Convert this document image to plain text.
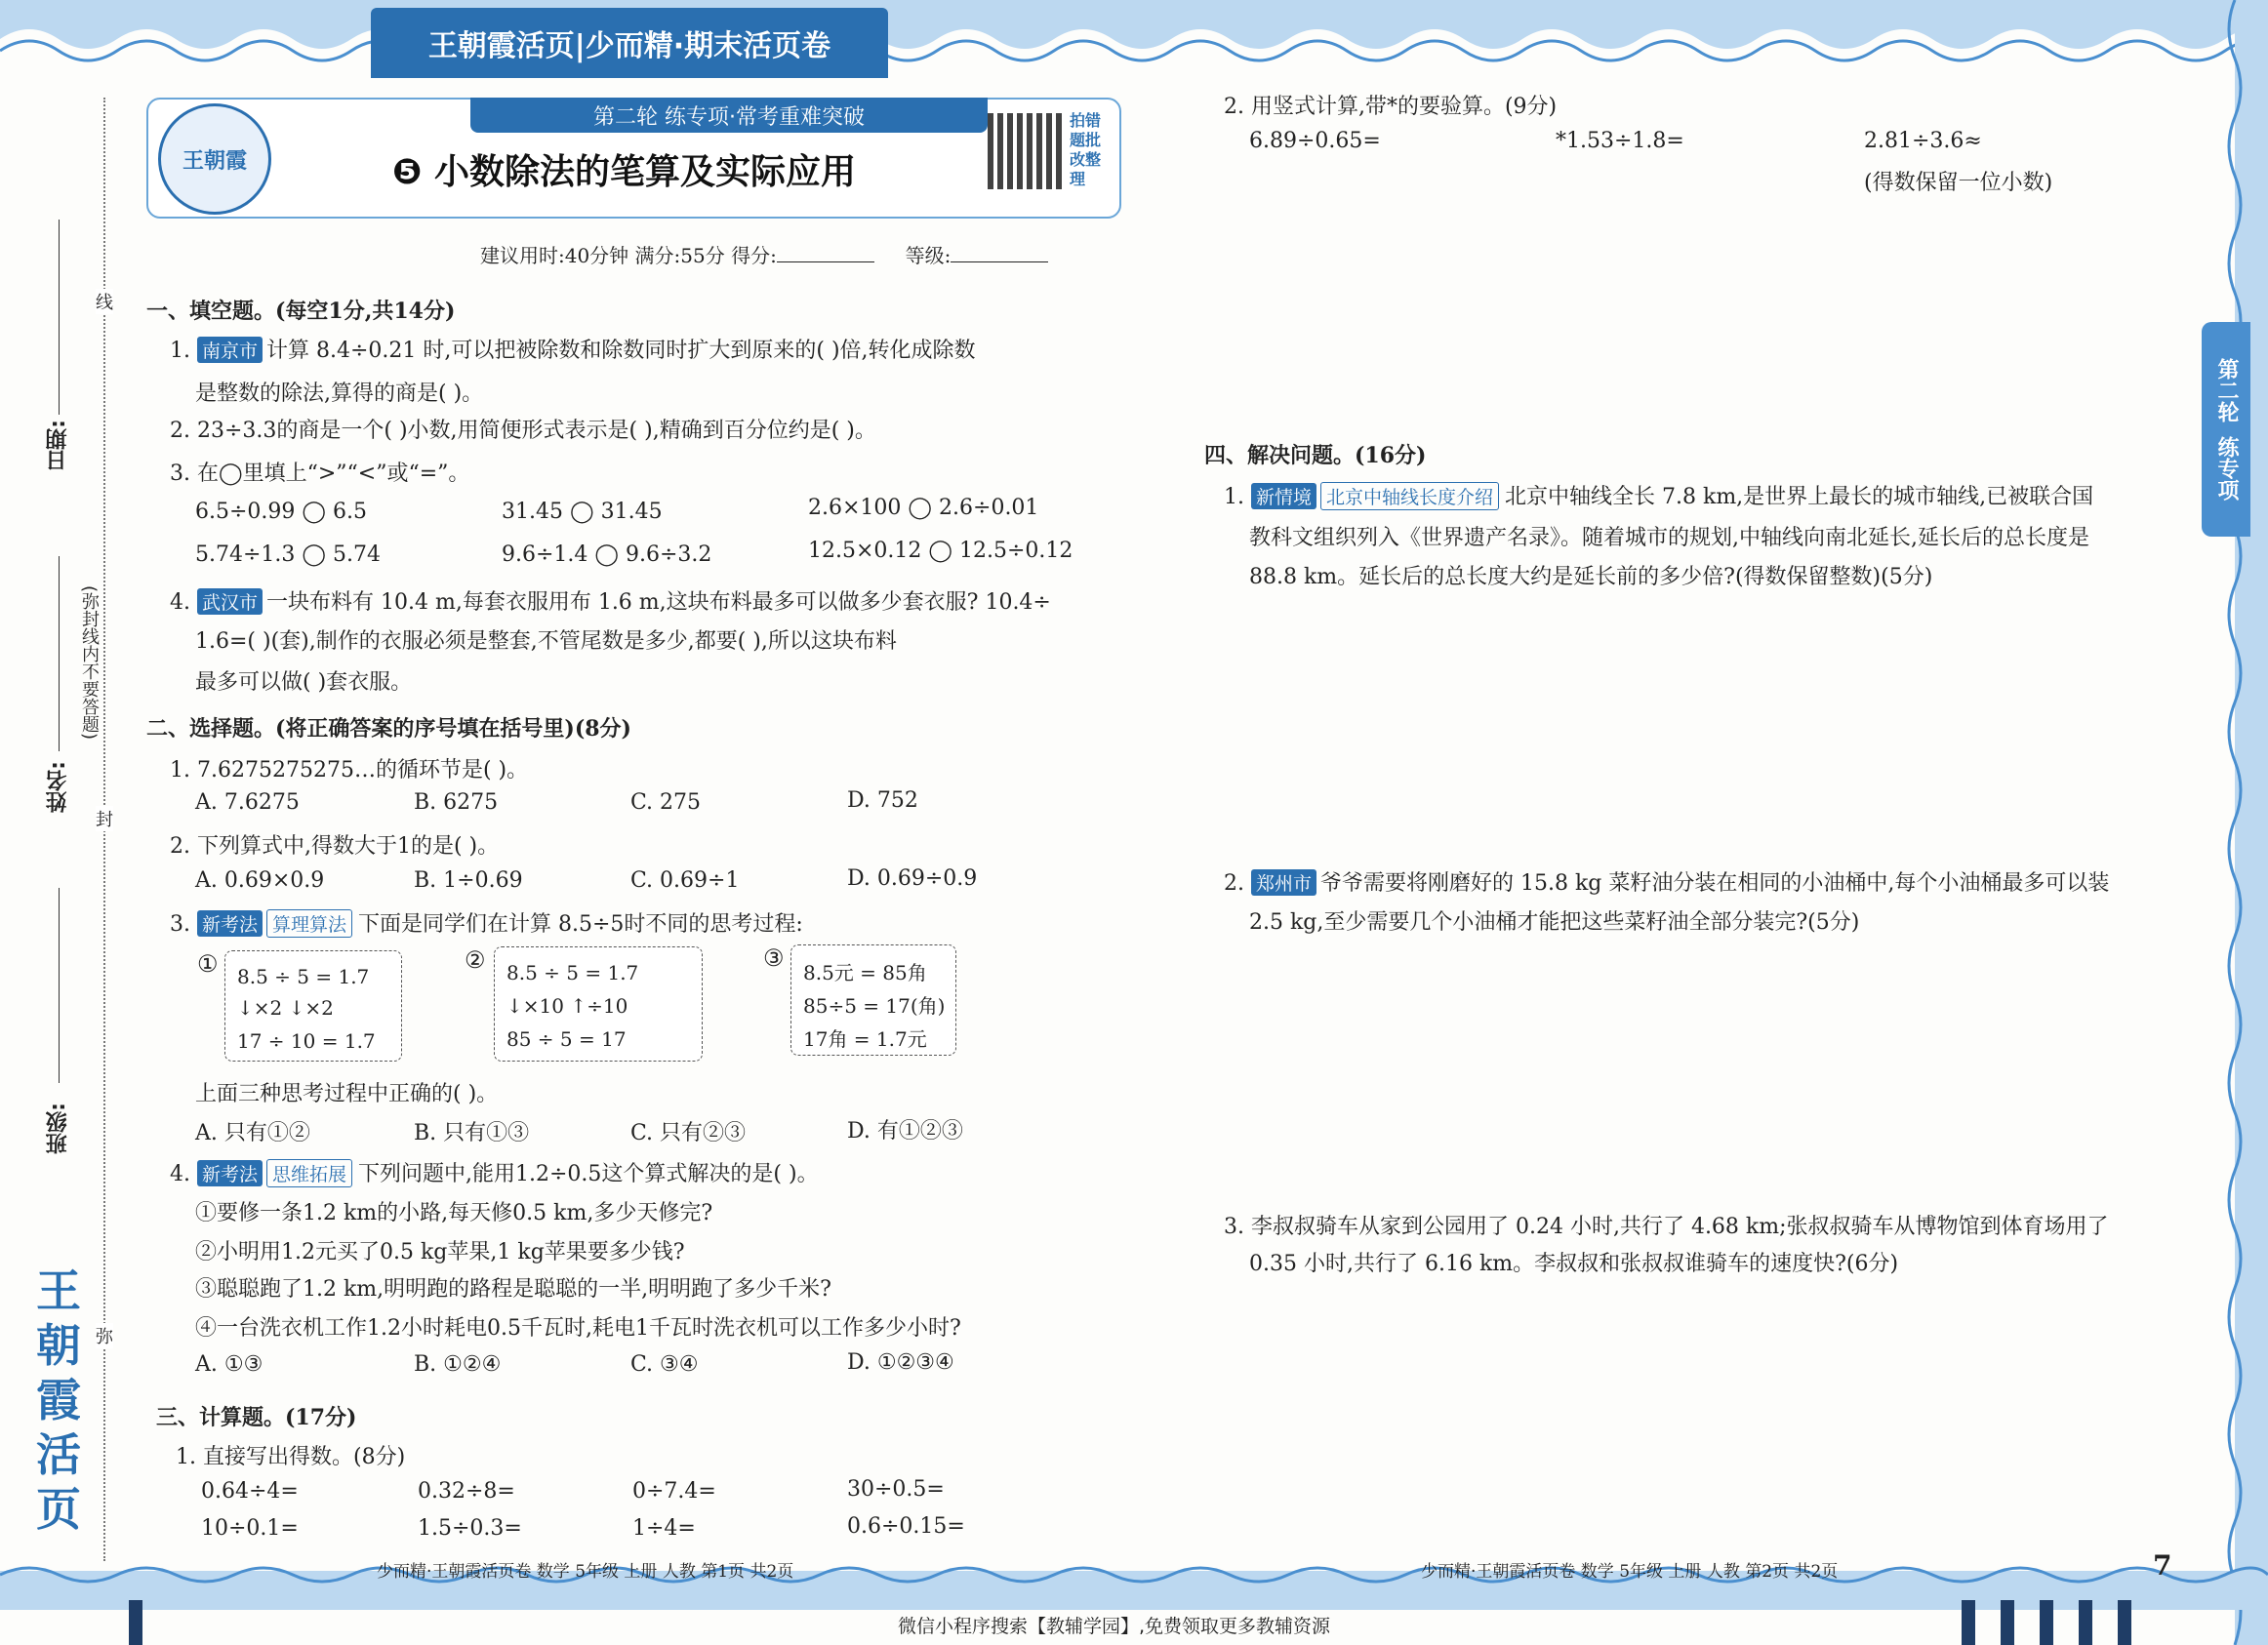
王朝霞活页|少而精·期末活页卷
王朝霞
第二轮 练专项·常考重难突破
❺ 小数除法的笔算及实际应用
拍错题批改整理
建议用时:40分钟 满分:55分 得分:	等级:
日期:
姓名:
班级:
(弥封线内不要答题)
线
封
弥
王朝霞活页
一、填空题。(每空1分,共14分)
1. 南京市 计算 8.4÷0.21 时,可以把被除数和除数同时扩大到原来的( )倍,转化成除数
是整数的除法,算得的商是( )。
2. 23÷3.3的商是一个( )小数,用简便形式表示是( ),精确到百分位约是( )。
3. 在◯里填上“>”“<”或“=”。
6.5÷0.99 ◯ 6.5	31.45 ◯ 31.45	2.6×100 ◯ 2.6÷0.01
5.74÷1.3 ◯ 5.74	9.6÷1.4 ◯ 9.6÷3.2	12.5×0.12 ◯ 12.5÷0.12
4. 武汉市 一块布料有 10.4 m,每套衣服用布 1.6 m,这块布料最多可以做多少套衣服? 10.4÷
1.6=( )(套),制作的衣服必须是整套,不管尾数是多少,都要( ),所以这块布料
最多可以做( )套衣服。
二、选择题。(将正确答案的序号填在括号里)(8分)
1. 7.6275275275…的循环节是( )。
A. 7.6275	B. 6275	C. 275	D. 752
2. 下列算式中,得数大于1的是( )。
A. 0.69×0.9	B. 1÷0.69	C. 0.69÷1	D. 0.69÷0.9
3. 新考法 算理算法 下面是同学们在计算 8.5÷5时不同的思考过程:
① 8.5 ÷ 5 = 1.7
↓×2 ↓×2
17 ÷ 10 = 1.7
② 8.5 ÷ 5 = 1.7
↓×10 ↑÷10
85 ÷ 5 = 17
③
8.5元 = 85角
85÷5 = 17(角)
17角 = 1.7元
上面三种思考过程中正确的( )。
A. 只有①②	B. 只有①③	C. 只有②③	D. 有①②③
4. 新考法 思维拓展 下列问题中,能用1.2÷0.5这个算式解决的是( )。
①要修一条1.2 km的小路,每天修0.5 km,多少天修完?
②小明用1.2元买了0.5 kg苹果,1 kg苹果要多少钱?
③聪聪跑了1.2 km,明明跑的路程是聪聪的一半,明明跑了多少千米?
④一台洗衣机工作1.2小时耗电0.5千瓦时,耗电1千瓦时洗衣机可以工作多少小时?
A. ①③	B. ①②④	C. ③④	D. ①②③④
三、计算题。(17分)
1. 直接写出得数。(8分)
0.64÷4=	0.32÷8=	0÷7.4=	30÷0.5=
10÷0.1=	1.5÷0.3=	1÷4=	0.6÷0.15=
2. 用竖式计算,带*的要验算。(9分)
6.89÷0.65=	*1.53÷1.8=	2.81÷3.6≈
(得数保留一位小数)
四、解决问题。(16分)
1. 新情境 北京中轴线长度介绍 北京中轴线全长 7.8 km,是世界上最长的城市轴线,已被联合国
教科文组织列入《世界遗产名录》。随着城市的规划,中轴线向南北延长,延长后的总长度是
88.8 km。延长后的总长度大约是延长前的多少倍?(得数保留整数)(5分)
2. 郑州市 爷爷需要将刚磨好的 15.8 kg 菜籽油分装在相同的小油桶中,每个小油桶最多可以装
2.5 kg,至少需要几个小油桶才能把这些菜籽油全部分装完?(5分)
3. 李叔叔骑车从家到公园用了 0.24 小时,共行了 4.68 km;张叔叔骑车从博物馆到体育场用了
0.35 小时,共行了 6.16 km。李叔叔和张叔叔谁骑车的速度快?(6分)
第二轮
练专项
少而精·王朝霞活页卷 数学 5年级 上册 人教 第1页 共2页	少而精·王朝霞活页卷 数学 5年级 上册 人教 第2页 共2页	7
微信小程序搜索【教辅学园】,免费领取更多教辅资源
